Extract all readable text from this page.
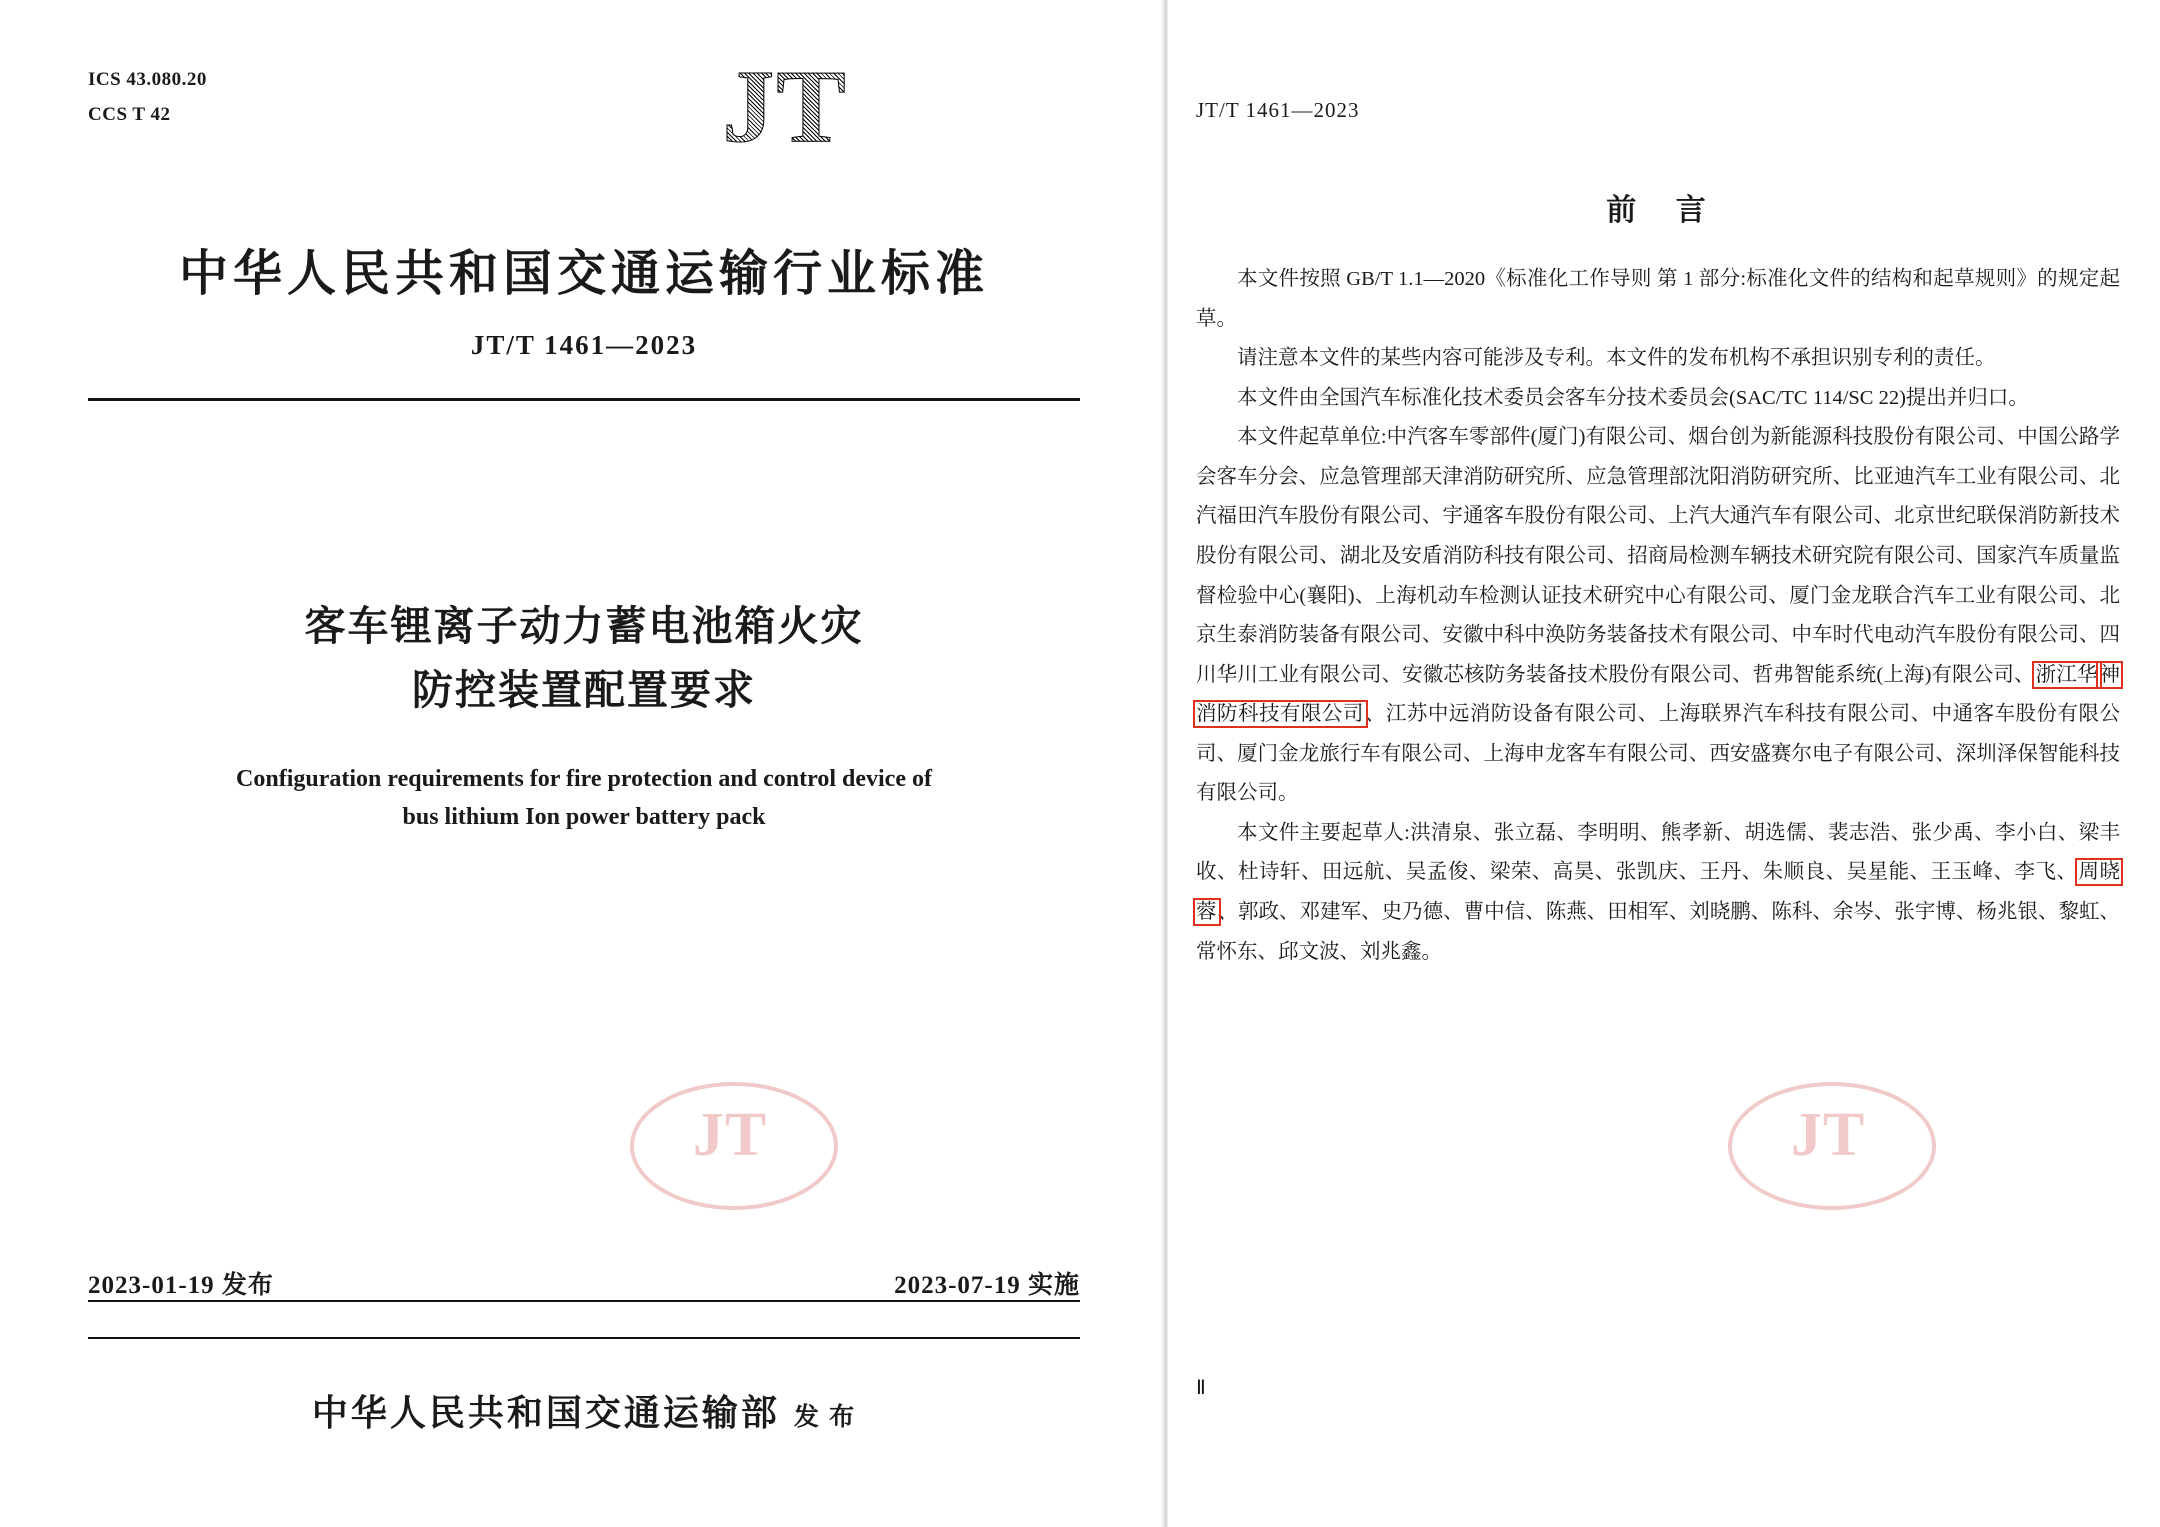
ICS 43.080.20
CCS T 42	JT
中华人民共和国交通运输行业标准
JT/T 1461—2023
客车锂离子动力蓄电池箱火灾
防控装置配置要求
Configuration requirements for fire protection and control device of
bus lithium Ion power battery pack
JT
2023-01-19 发布	2023-07-19 实施
中华人民共和国交通运输部 发 布
JT/T 1461—2023
前 言

本文件按照 GB/T 1.1—2020《标准化工作导则 第 1 部分:标准化文件的结构和起草规则》的规定起草。

请注意本文件的某些内容可能涉及专利。本文件的发布机构不承担识别专利的责任。

本文件由全国汽车标准化技术委员会客车分技术委员会(SAC/TC 114/SC 22)提出并归口。

本文件起草单位:中汽客车零部件(厦门)有限公司、烟台创为新能源科技股份有限公司、中国公路学会客车分会、应急管理部天津消防研究所、应急管理部沈阳消防研究所、比亚迪汽车工业有限公司、北汽福田汽车股份有限公司、宇通客车股份有限公司、上汽大通汽车有限公司、北京世纪联保消防新技术股份有限公司、湖北及安盾消防科技有限公司、招商局检测车辆技术研究院有限公司、国家汽车质量监督检验中心(襄阳)、上海机动车检测认证技术研究中心有限公司、厦门金龙联合汽车工业有限公司、北京生泰消防装备有限公司、安徽中科中涣防务装备技术有限公司、中车时代电动汽车股份有限公司、四川华川工业有限公司、安徽芯核防务装备技术股份有限公司、哲弗智能系统(上海)有限公司、浙江华神消防科技有限公司、江苏中远消防设备有限公司、上海联界汽车科技有限公司、中通客车股份有限公司、厦门金龙旅行车有限公司、上海申龙客车有限公司、西安盛赛尔电子有限公司、深圳泽保智能科技有限公司。

本文件主要起草人:洪清泉、张立磊、李明明、熊孝新、胡选儒、裴志浩、张少禹、李小白、梁丰收、杜诗轩、田远航、吴孟俊、梁荣、高昊、张凯庆、王丹、朱顺良、吴星能、王玉峰、李飞、周晓蓉、郭政、邓建军、史乃德、曹中信、陈燕、田相军、刘晓鹏、陈科、余岑、张宇博、杨兆银、黎虹、常怀东、邱文波、刘兆鑫。

JT
Ⅱ
